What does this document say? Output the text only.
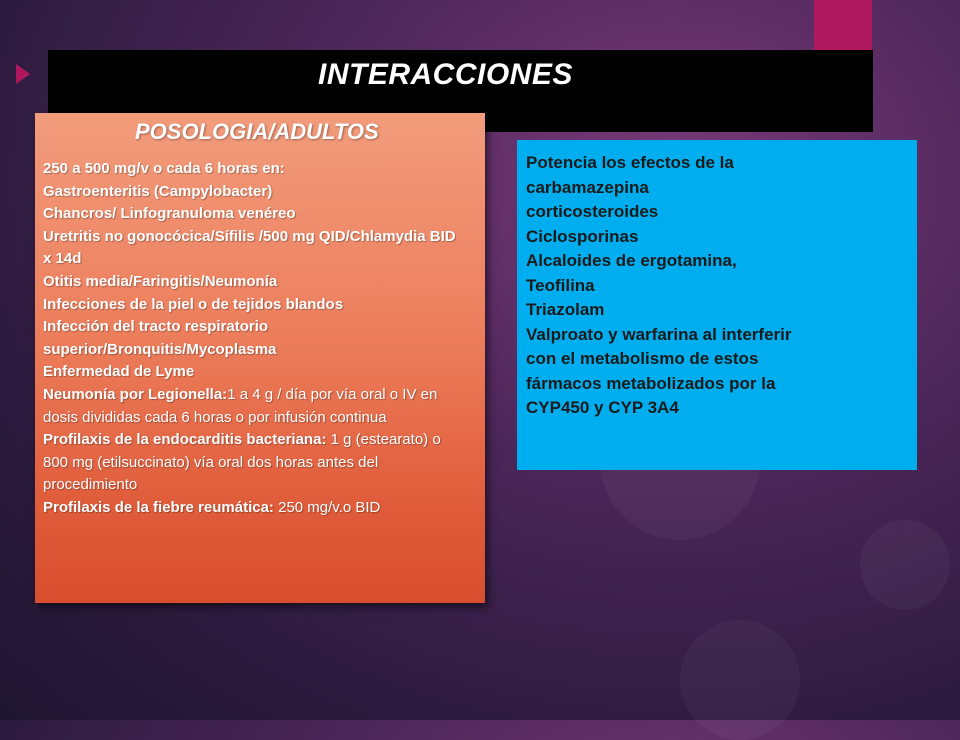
INTERACCIONES
POSOLOGIA/ADULTOS
250 a 500 mg/v o cada 6 horas en:
Gastroenteritis (Campylobacter)
Chancros/ Linfogranuloma venéreo
Uretritis no gonocócica/Sífilis /500 mg QID/Chlamydia BID
x 14d
Otitis media/Faringitis/Neumonía
Infecciones de la piel o de tejidos blandos
Infección del tracto respiratorio
superior/Bronquitis/Mycoplasma
Enfermedad de Lyme
Neumonía por Legionella:1 a 4 g / día por vía oral o IV en
dosis divididas cada 6 horas o por infusión continua
Profilaxis de la endocarditis bacteriana: 1 g (estearato) o
800 mg (etilsuccinato) vía oral dos horas antes del
procedimiento
Profilaxis de la fiebre reumática: 250 mg/v.o BID
Potencia los efectos de la
carbamazepina
corticosteroides
Ciclosporinas
Alcaloides de ergotamina,
Teofilina
Triazolam
Valproato y warfarina al interferir
con el metabolismo de estos
fármacos metabolizados por la
CYP450 y CYP 3A4
